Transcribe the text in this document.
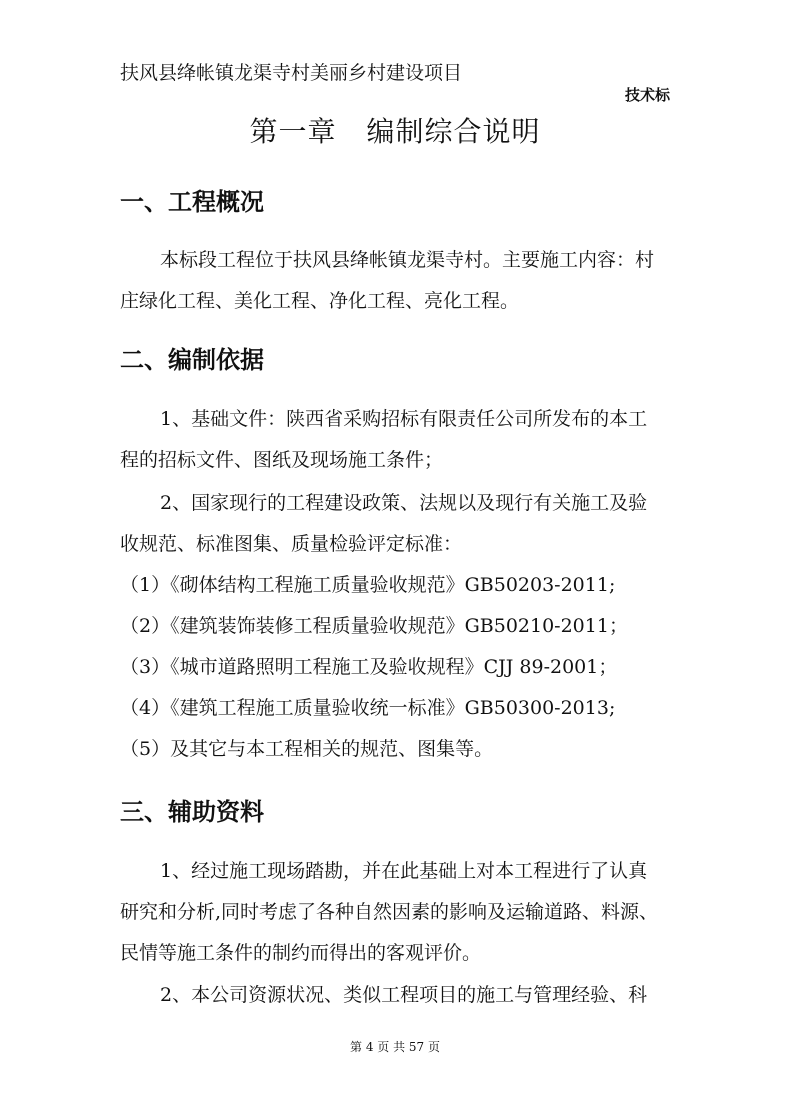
扶风县绛帐镇龙渠寺村美丽乡村建设项目
技术标
第一章 编制综合说明
一、工程概况
本标段工程位于扶风县绛帐镇龙渠寺村。主要施工内容：村
庄绿化工程、美化工程、净化工程、亮化工程。
二、编制依据
1、基础文件：陕西省采购招标有限责任公司所发布的本工
程的招标文件、图纸及现场施工条件；
2、国家现行的工程建设政策、法规以及现行有关施工及验
收规范、标准图集、质量检验评定标准：
（1）《砌体结构工程施工质量验收规范》GB50203-2011;
（2）《建筑装饰装修工程质量验收规范》GB50210-2011；
（3）《城市道路照明工程施工及验收规程》CJJ 89-2001；
（4）《建筑工程施工质量验收统一标准》GB50300-2013;
（5）及其它与本工程相关的规范、图集等。
三、辅助资料
1、经过施工现场踏勘，并在此基础上对本工程进行了认真
研究和分析,同时考虑了各种自然因素的影响及运输道路、料源、
民情等施工条件的制约而得出的客观评价。
2、本公司资源状况、类似工程项目的施工与管理经验、科
第 4 页 共 57 页
